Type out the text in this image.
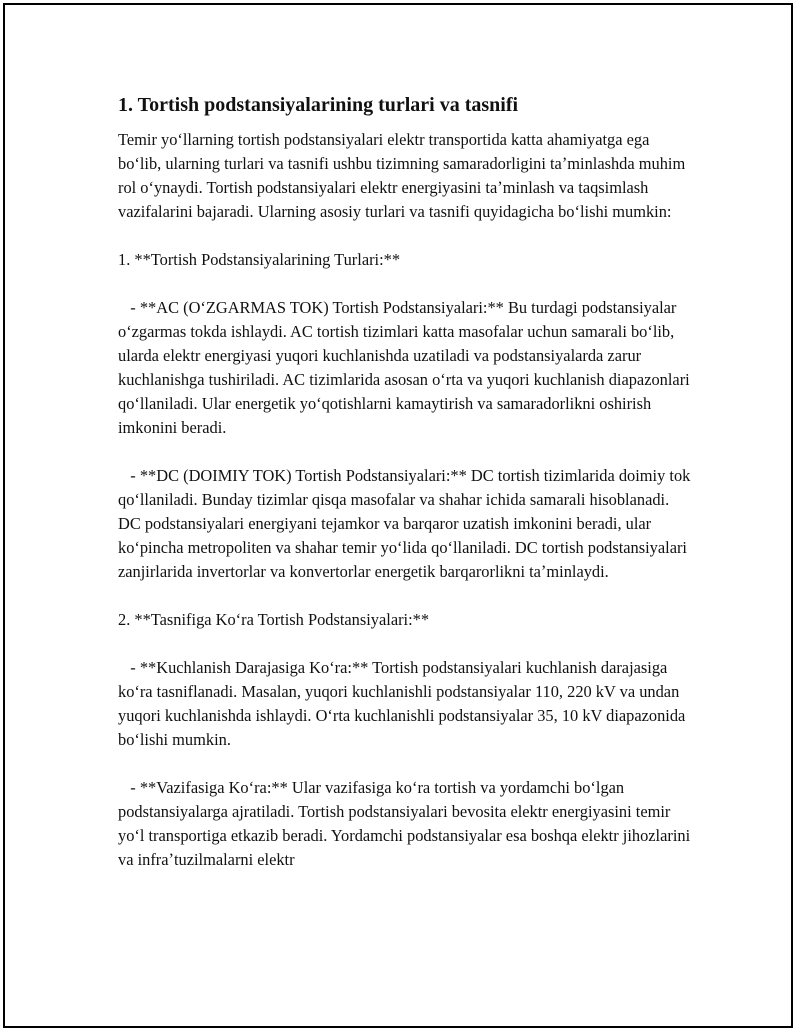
1. Tortish podstansiyalarining turlari va tasnifi

Temir yoʻllarning tortish podstansiyalari elektr transportida katta ahamiyatga ega boʻlib, ularning turlari va tasnifi ushbu tizimning samaradorligini taʼminlashda muhim rol oʻynaydi. Tortish podstansiyalari elektr energiyasini taʼminlash va taqsimlash vazifalarini bajaradi. Ularning asosiy turlari va tasnifi quyidagicha boʻlishi mumkin:

1. **Tortish Podstansiyalarining Turlari:**

- **AC (OʻZGARMAS TOK) Tortish Podstansiyalari:** Bu turdagi podstansiyalar oʻzgarmas tokda ishlaydi. AC tortish tizimlari katta masofalar uchun samarali boʻlib, ularda elektr energiyasi yuqori kuchlanishda uzatiladi va podstansiyalarda zarur kuchlanishga tushiriladi. AC tizimlarida asosan oʻrta va yuqori kuchlanish diapazonlari qoʻllaniladi. Ular energetik yoʻqotishlarni kamaytirish va samaradorlikni oshirish imkonini beradi.

- **DC (DOIMIY TOK) Tortish Podstansiyalari:** DC tortish tizimlarida doimiy tok qoʻllaniladi. Bunday tizimlar qisqa masofalar va shahar ichida samarali hisoblanadi. DC podstansiyalari energiyani tejamkor va barqaror uzatish imkonini beradi, ular koʻpincha metropoliten va shahar temir yoʻlida qoʻllaniladi. DC tortish podstansiyalari zanjirlarida invertorlar va konvertorlar energetik barqarorlikni taʼminlaydi.

2. **Tasnifiga Koʻra Tortish Podstansiyalari:**

- **Kuchlanish Darajasiga Koʻra:** Tortish podstansiyalari kuchlanish darajasiga koʻra tasniflanadi. Masalan, yuqori kuchlanishli podstansiyalar 110, 220 kV va undan yuqori kuchlanishda ishlaydi. Oʻrta kuchlanishli podstansiyalar 35, 10 kV diapazonida boʻlishi mumkin.

- **Vazifasiga Koʻra:** Ular vazifasiga koʻra tortish va yordamchi boʻlgan podstansiyalarga ajratiladi. Tortish podstansiyalari bevosita elektr energiyasini temir yoʻl transportiga etkazib beradi. Yordamchi podstansiyalar esa boshqa elektr jihozlarini va infraʼtuzilmalarni elektr
